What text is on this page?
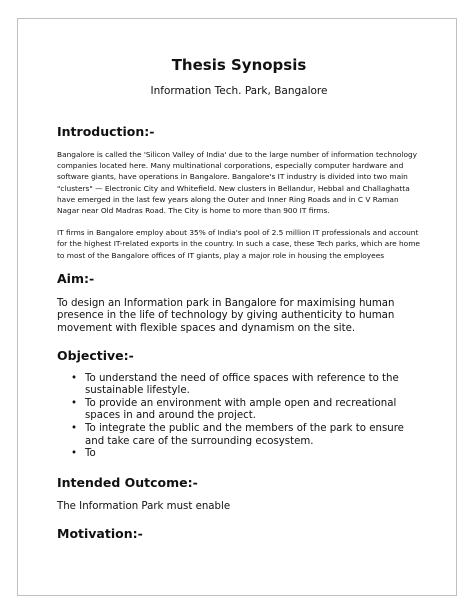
Thesis Synopsis

Information Tech. Park, Bangalore

Introduction:-

Bangalore is called the 'Silicon Valley of India' due to the large number of information technology companies located here. Many multinational corporations, especially computer hardware and software giants, have operations in Bangalore. Bangalore's IT industry is divided into two main "clusters" — Electronic City and Whitefield. New clusters in Bellandur, Hebbal and Challaghatta have emerged in the last few years along the Outer and Inner Ring Roads and in C V Raman Nagar near Old Madras Road. The City is home to more than 900 IT firms.

IT firms in Bangalore employ about 35% of India's pool of 2.5 million IT professionals and account for the highest IT-related exports in the country. In such a case, these Tech parks, which are home to most of the Bangalore offices of IT giants, play a major role in housing the employees

Aim:-

To design an Information park in Bangalore for maximising human presence in the life of technology by giving authenticity to human movement with flexible spaces and dynamism on the site.

Objective:-
• To understand the need of office spaces with reference to the sustainable lifestyle.
• To provide an environment with ample open and recreational spaces in and around the project.
• To integrate the public and the members of the park to ensure and take care of the surrounding ecosystem.
• To
Intended Outcome:-

The Information Park must enable

Motivation:-
